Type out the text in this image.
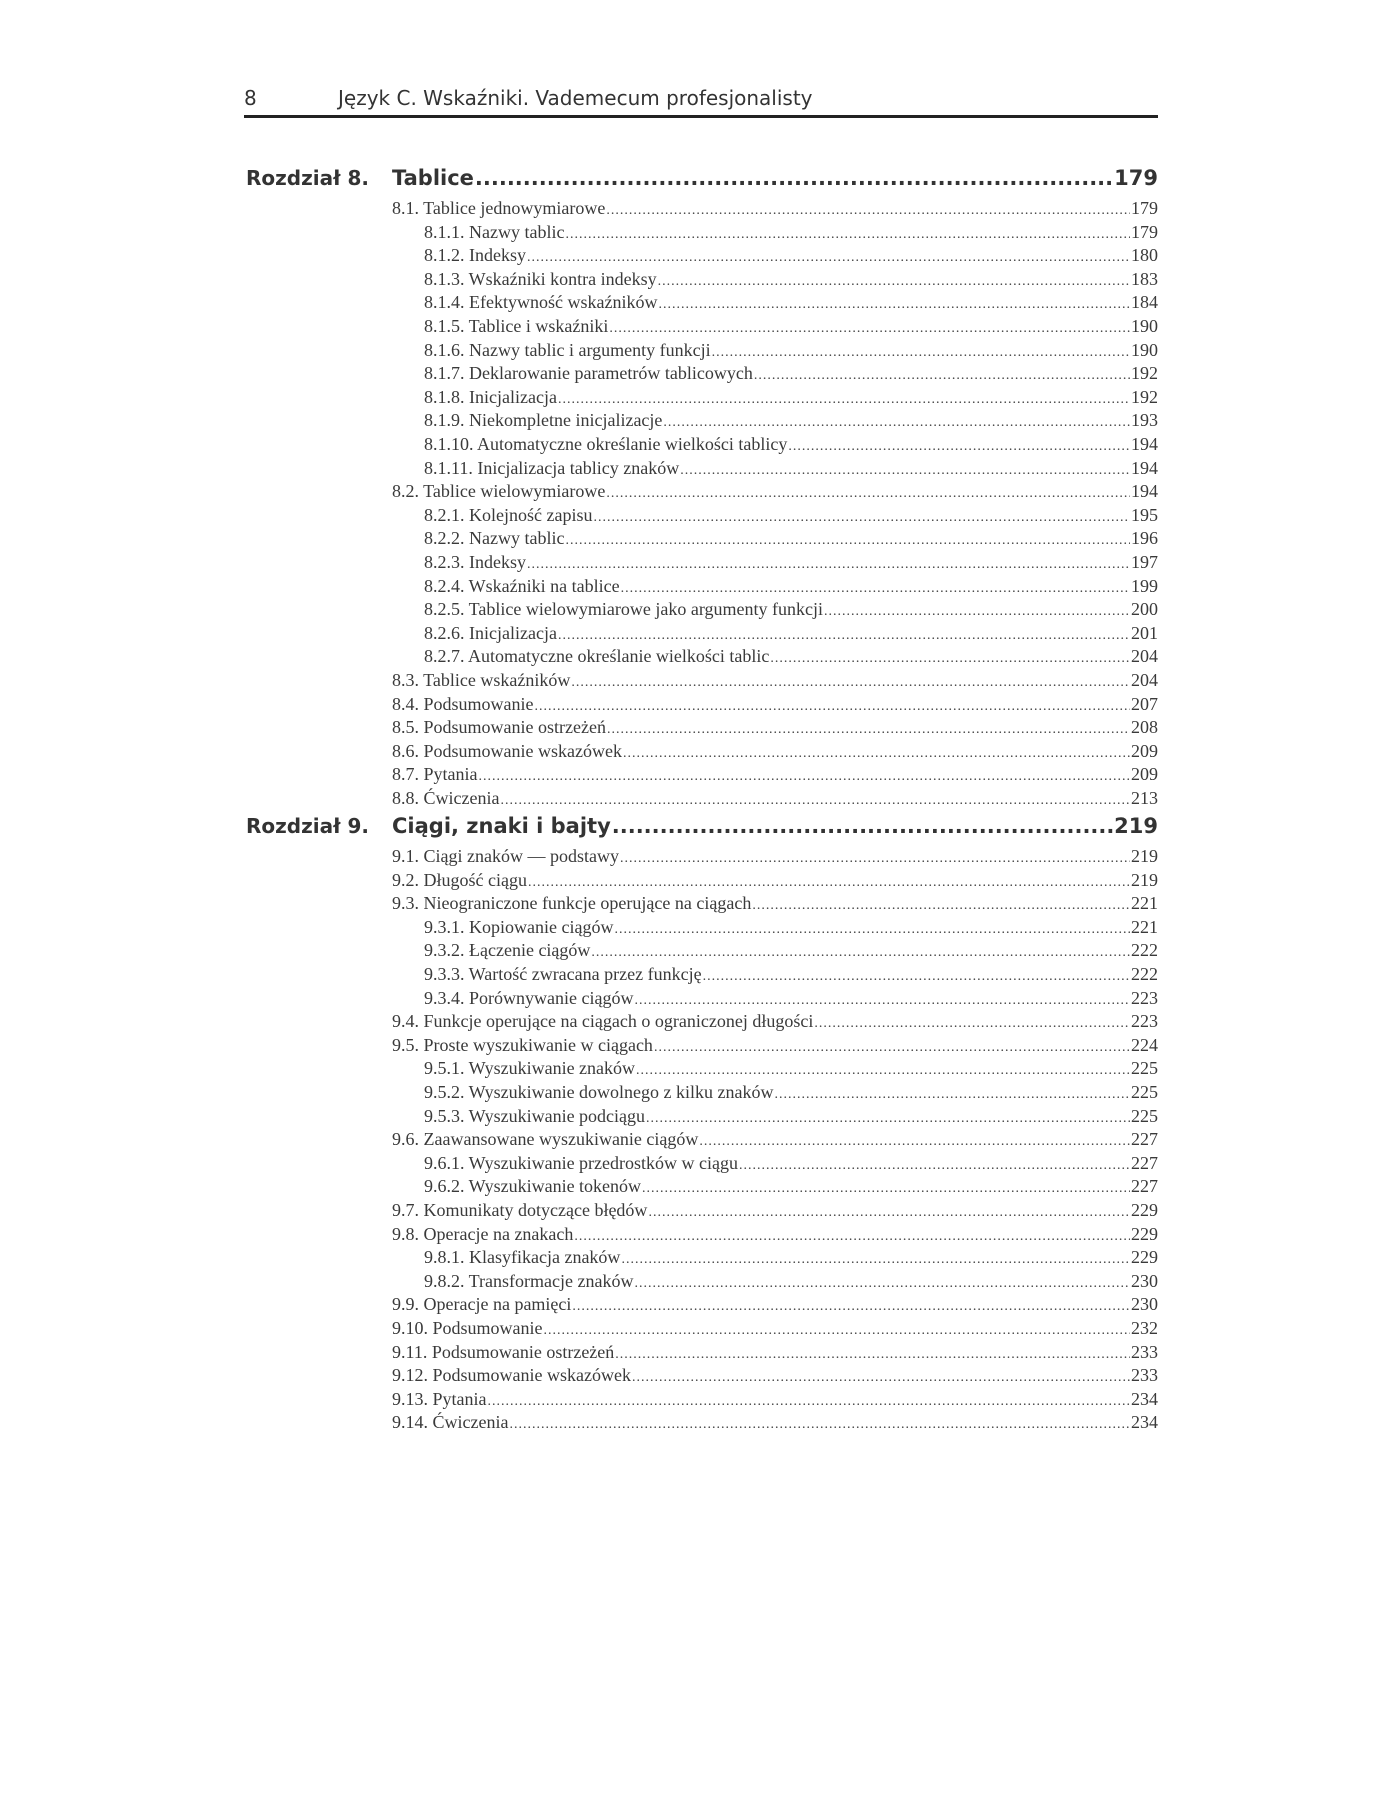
8	Język C. Wskaźniki. Vademecum profesjonalisty
Rozdział 8. Tablice .....	179
8.1. Tablice jednowymiarowe .....	179
8.1.1. Nazwy tablic .....	179
8.1.2. Indeksy .....	180
8.1.3. Wskaźniki kontra indeksy .....	183
8.1.4. Efektywność wskaźników .....	184
8.1.5. Tablice i wskaźniki .....	190
8.1.6. Nazwy tablic i argumenty funkcji .....	190
8.1.7. Deklarowanie parametrów tablicowych .....	192
8.1.8. Inicjalizacja .....	192
8.1.9. Niekompletne inicjalizacje .....	193
8.1.10. Automatyczne określanie wielkości tablicy .....	194
8.1.11. Inicjalizacja tablicy znaków .....	194
8.2. Tablice wielowymiarowe .....	194
8.2.1. Kolejność zapisu .....	195
8.2.2. Nazwy tablic .....	196
8.2.3. Indeksy .....	197
8.2.4. Wskaźniki na tablice .....	199
8.2.5. Tablice wielowymiarowe jako argumenty funkcji .....	200
8.2.6. Inicjalizacja .....	201
8.2.7. Automatyczne określanie wielkości tablic .....	204
8.3. Tablice wskaźników .....	204
8.4. Podsumowanie .....	207
8.5. Podsumowanie ostrzeżeń .....	208
8.6. Podsumowanie wskazówek .....	209
8.7. Pytania .....	209
8.8. Ćwiczenia .....	213
Rozdział 9. Ciągi, znaki i bajty .....	219
9.1. Ciągi znaków — podstawy .....	219
9.2. Długość ciągu .....	219
9.3. Nieograniczone funkcje operujące na ciągach .....	221
9.3.1. Kopiowanie ciągów .....	221
9.3.2. Łączenie ciągów .....	222
9.3.3. Wartość zwracana przez funkcję .....	222
9.3.4. Porównywanie ciągów .....	223
9.4. Funkcje operujące na ciągach o ograniczonej długości .....	223
9.5. Proste wyszukiwanie w ciągach .....	224
9.5.1. Wyszukiwanie znaków .....	225
9.5.2. Wyszukiwanie dowolnego z kilku znaków .....	225
9.5.3. Wyszukiwanie podciągu .....	225
9.6. Zaawansowane wyszukiwanie ciągów .....	227
9.6.1. Wyszukiwanie przedrostków w ciągu .....	227
9.6.2. Wyszukiwanie tokenów .....	227
9.7. Komunikaty dotyczące błędów .....	229
9.8. Operacje na znakach .....	229
9.8.1. Klasyfikacja znaków .....	229
9.8.2. Transformacje znaków .....	230
9.9. Operacje na pamięci .....	230
9.10. Podsumowanie .....	232
9.11. Podsumowanie ostrzeżeń .....	233
9.12. Podsumowanie wskazówek .....	233
9.13. Pytania .....	234
9.14. Ćwiczenia .....	234
